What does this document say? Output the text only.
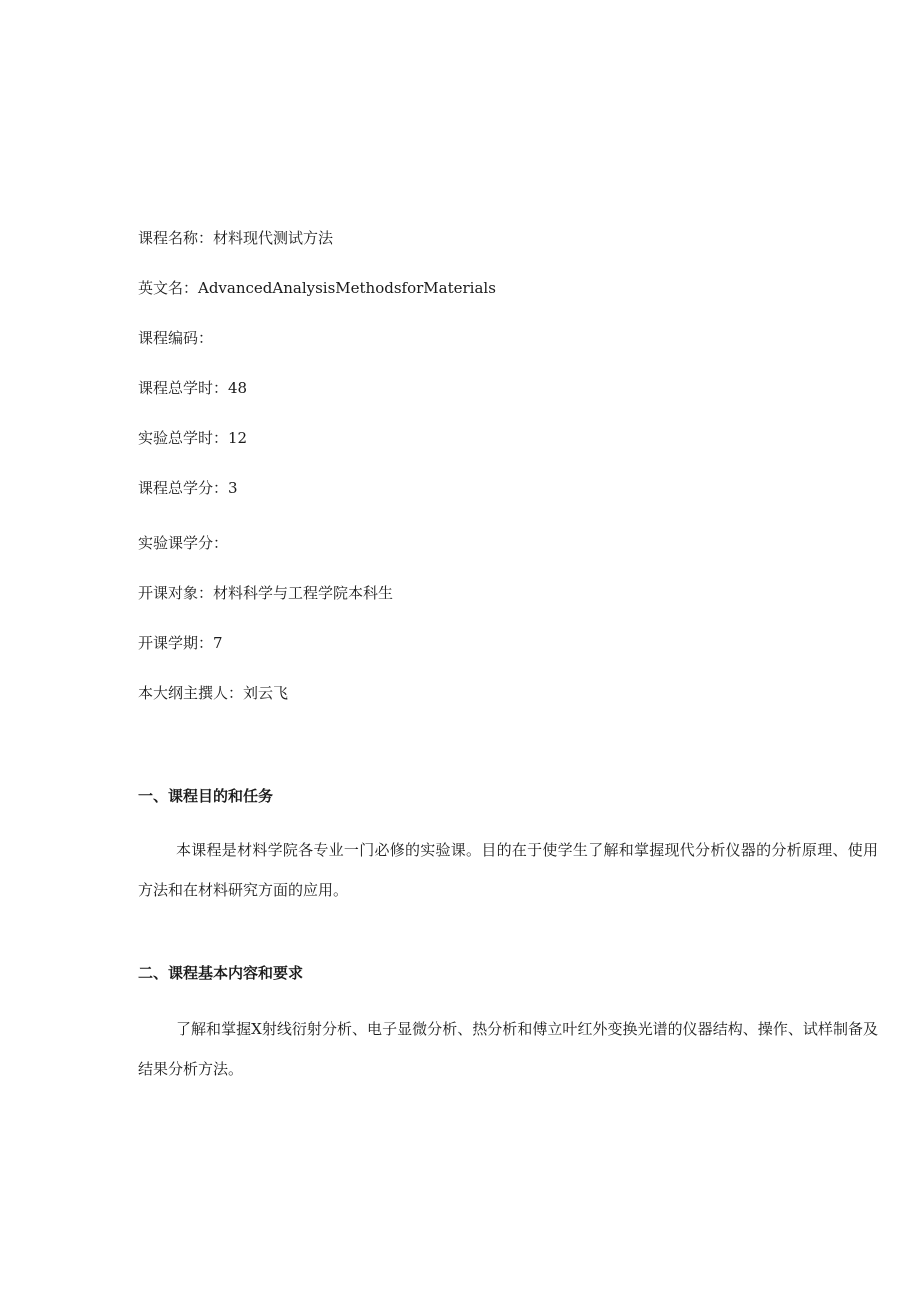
课程名称：材料现代测试方法
英文名：AdvancedAnalysisMethodsforMaterials
课程编码：
课程总学时：48
实验总学时：12
课程总学分：3
实验课学分：
开课对象：材料科学与工程学院本科生
开课学期：7
本大纲主撰人：刘云飞
一、课程目的和任务
本课程是材料学院各专业一门必修的实验课。目的在于使学生了解和掌握现代分析仪器的分析原理、使用方法和在材料研究方面的应用。
二、课程基本内容和要求
了解和掌握X射线衍射分析、电子显微分析、热分析和傅立叶红外变换光谱的仪器结构、操作、试样制备及结果分析方法。
